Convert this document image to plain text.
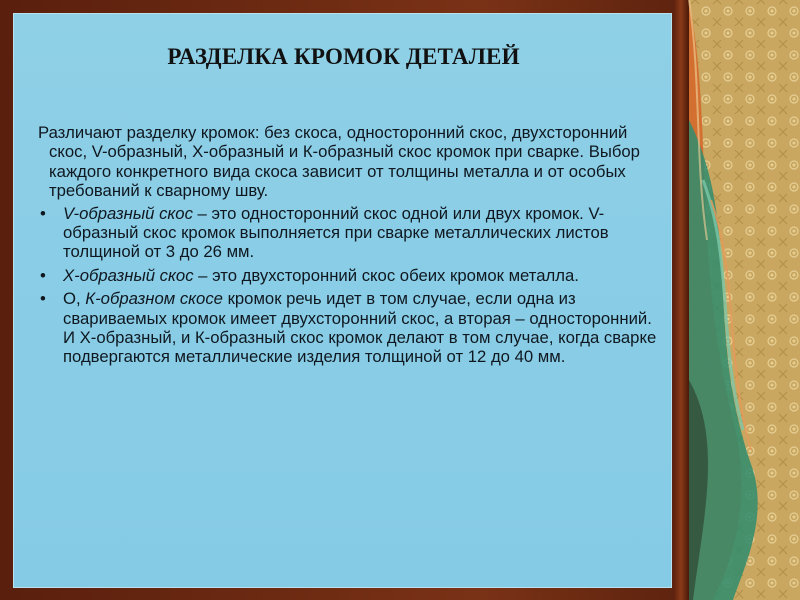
РАЗДЕЛКА КРОМОК ДЕТАЛЕЙ

Различают разделку кромок: без скоса, односторонний скос, двухсторонний скос, V-образный, Х-образный и К-образный скос кромок при сварке. Выбор каждого конкретного вида скоса зависит от толщины металла и от особых требований к сварному шву.

• V-образный скос – это односторонний скос одной или двух кромок. V-образный скос кромок выполняется при сварке металлических листов толщиной от 3 до 26 мм.
• Х-образный скос – это двухсторонний скос обеих кромок металла.
• О, К-образном скосе кромок речь идет в том случае, если одна из свариваемых кромок имеет двухсторонний скос, а вторая – односторонний. И Х-образный, и К-образный скос кромок делают в том случае, когда сварке подвергаются металлические изделия толщиной от 12 до 40 мм.
